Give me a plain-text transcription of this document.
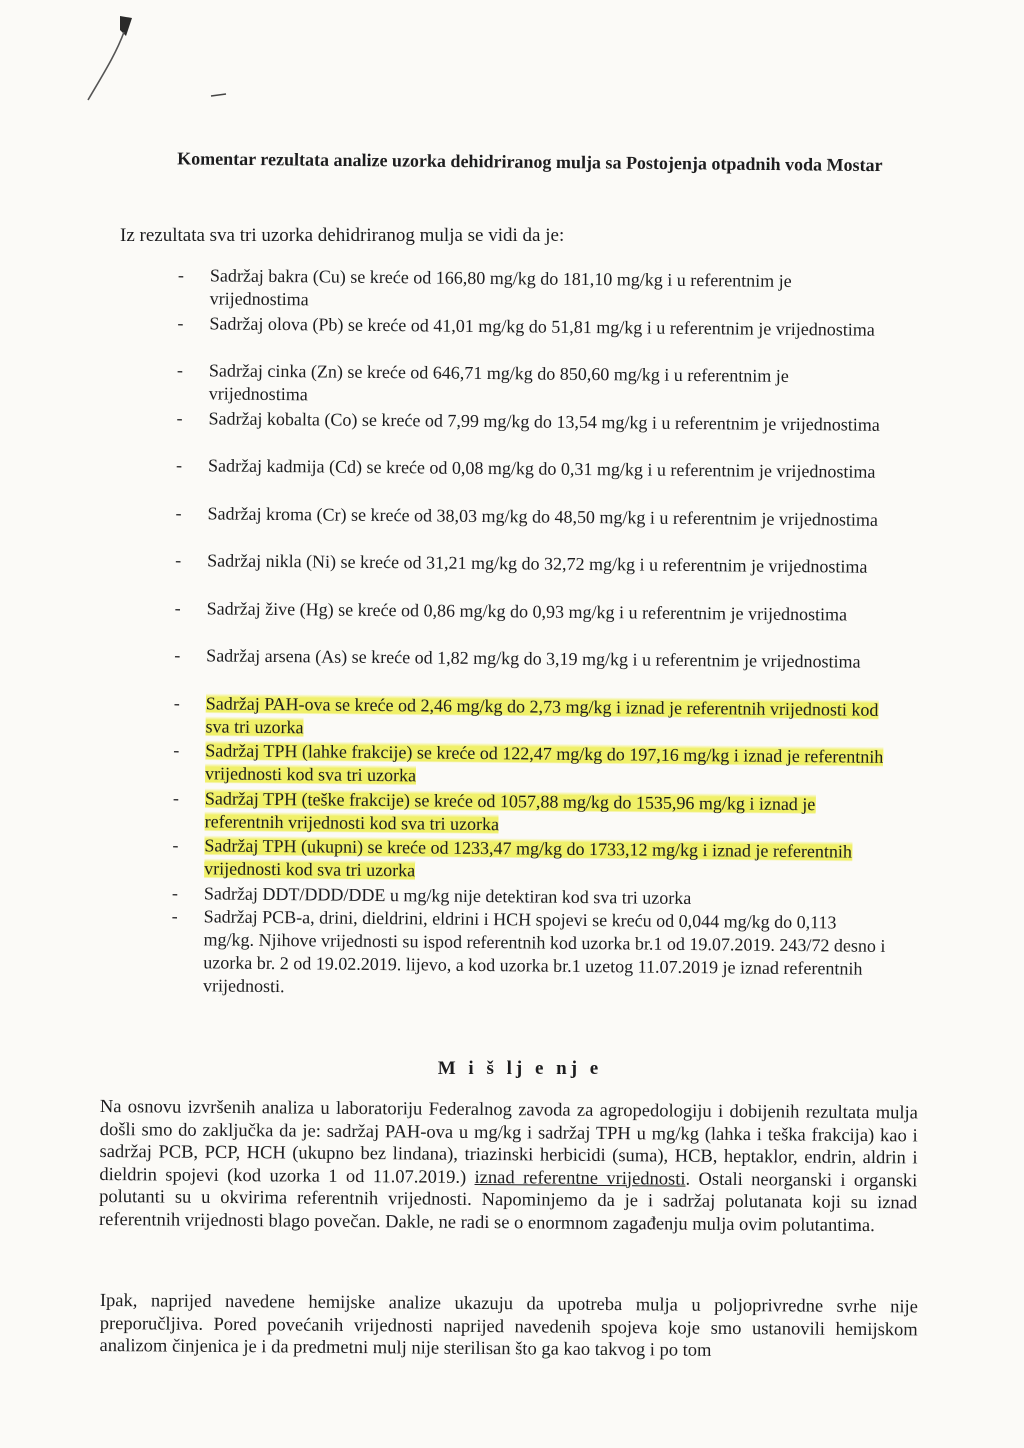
Komentar rezultata analize uzorka dehidriranog mulja sa Postojenja otpadnih voda Mostar
Iz rezultata sva tri uzorka dehidriranog mulja se vidi da je:
- Sadržaj bakra (Cu) se kreće od 166,80 mg/kg do 181,10 mg/kg i u referentnim je vrijednostima
- Sadržaj olova (Pb) se kreće od 41,01 mg/kg do 51,81 mg/kg i u referentnim je vrijednostima
- Sadržaj cinka (Zn) se kreće od 646,71 mg/kg do 850,60 mg/kg i u referentnim je vrijednostima
- Sadržaj kobalta (Co) se kreće od 7,99 mg/kg do 13,54 mg/kg i u referentnim je vrijednostima
- Sadržaj kadmija (Cd) se kreće od 0,08 mg/kg do 0,31 mg/kg i u referentnim je vrijednostima
- Sadržaj kroma (Cr) se kreće od 38,03 mg/kg do 48,50 mg/kg i u referentnim je vrijednostima
- Sadržaj nikla (Ni) se kreće od 31,21 mg/kg do 32,72 mg/kg i u referentnim je vrijednostima
- Sadržaj žive (Hg) se kreće od 0,86 mg/kg do 0,93 mg/kg i u referentnim je vrijednostima
- Sadržaj arsena (As) se kreće od 1,82 mg/kg do 3,19 mg/kg i u referentnim je vrijednostima
- Sadržaj PAH-ova se kreće od 2,46 mg/kg do 2,73 mg/kg i iznad je referentnih vrijednosti kod sva tri uzorka
- Sadržaj TPH (lahke frakcije) se kreće od 122,47 mg/kg do 197,16 mg/kg i iznad je referentnih vrijednosti kod sva tri uzorka
- Sadržaj TPH (teške frakcije) se kreće od 1057,88 mg/kg do 1535,96 mg/kg i iznad je referentnih vrijednosti kod sva tri uzorka
- Sadržaj TPH (ukupni) se kreće od 1233,47 mg/kg do 1733,12 mg/kg i iznad je referentnih vrijednosti kod sva tri uzorka
- Sadržaj DDT/DDD/DDE u mg/kg nije detektiran kod sva tri uzorka
- Sadržaj PCB-a, drini, dieldrini, eldrini i HCH spojevi se kreću od 0,044 mg/kg do 0,113 mg/kg. Njihove vrijednosti su ispod referentnih kod uzorka br.1 od 19.07.2019. 243/72 desno i uzorka br. 2 od 19.02.2019. lijevo, a kod uzorka br.1 uzetog 11.07.2019 je iznad referentnih vrijednosti.
M i š lj e nj e
Na osnovu izvršenih analiza u laboratoriju Federalnog zavoda za agropedologiju i dobijenih rezultata mulja došli smo do zaključka da je: sadržaj PAH-ova u mg/kg i sadržaj TPH u mg/kg (lahka i teška frakcija) kao i sadržaj PCB, PCP, HCH (ukupno bez lindana), triazinski herbicidi (suma), HCB, heptaklor, endrin, aldrin i dieldrin spojevi (kod uzorka 1 od 11.07.2019.) iznad referentne vrijednosti. Ostali neorganski i organski polutanti su u okvirima referentnih vrijednosti. Napominjemo da je i sadržaj polutanata koji su iznad referentnih vrijednosti blago povečan. Dakle, ne radi se o enormnom zagađenju mulja ovim polutantima.
Ipak, naprijed navedene hemijske analize ukazuju da upotreba mulja u poljoprivredne svrhe nije preporučljiva. Pored povećanih vrijednosti naprijed navedenih spojeva koje smo ustanovili hemijskom analizom činjenica je i da predmetni mulj nije sterilisan što ga kao takvog i po tom
